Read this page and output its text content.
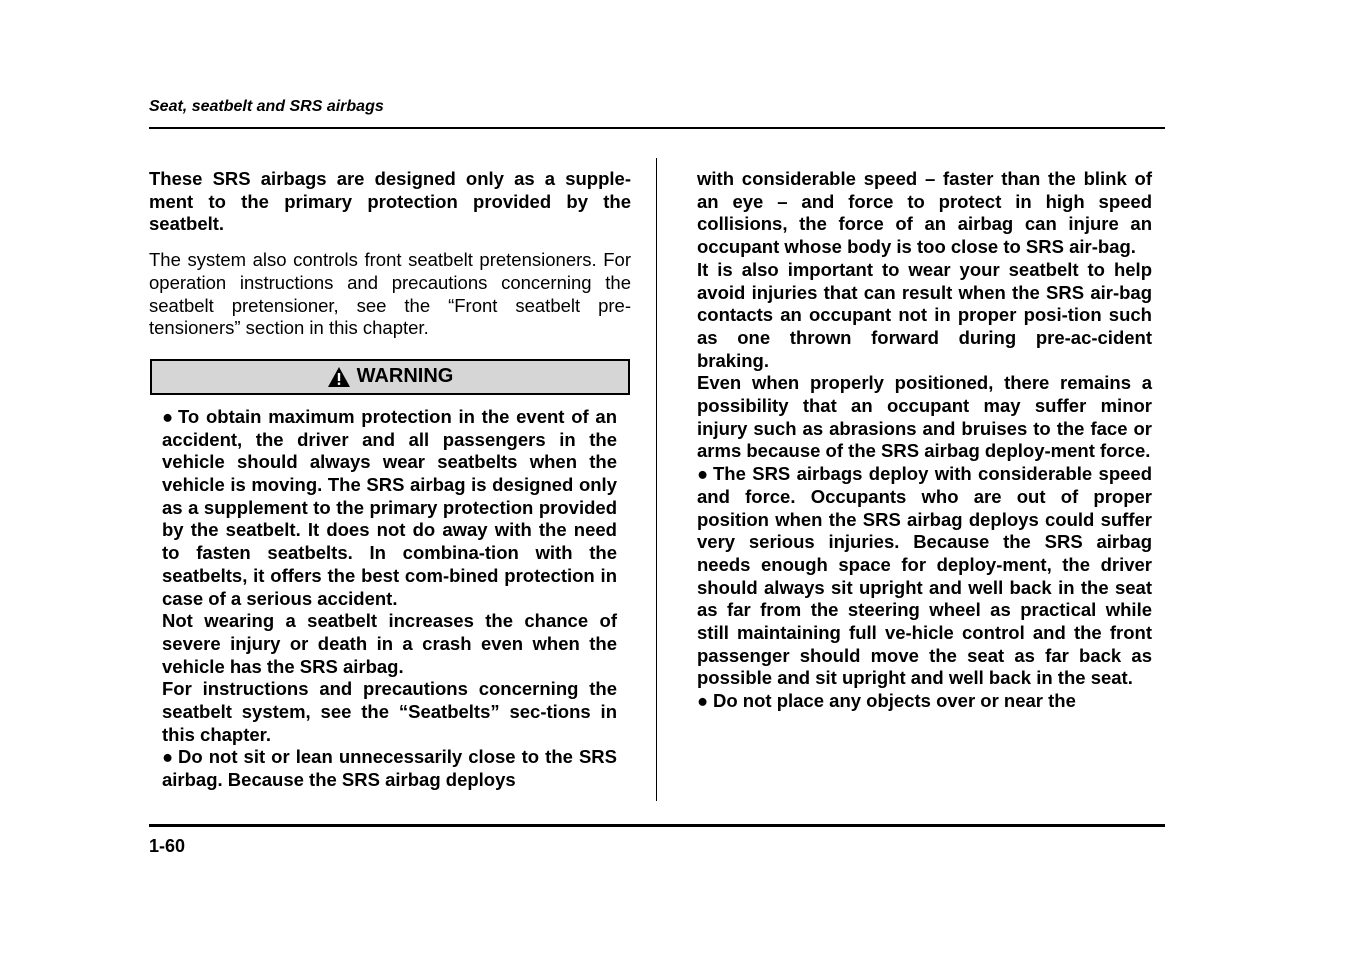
Seat, seatbelt and SRS airbags

These SRS airbags are designed only as a supple-ment to the primary protection provided by the seatbelt.

The system also controls front seatbelt pretensioners. For operation instructions and precautions concerning the seatbelt pretensioner, see the “Front seatbelt pre-tensioners” section in this chapter.

WARNING

● To obtain maximum protection in the event of an accident, the driver and all passengers in the vehicle should always wear seatbelts when the vehicle is moving. The SRS airbag is designed only as a supplement to the primary protection provided by the seatbelt. It does not do away with the need to fasten seatbelts. In combina-tion with the seatbelts, it offers the best com-bined protection in case of a serious accident.

Not wearing a seatbelt increases the chance of severe injury or death in a crash even when the vehicle has the SRS airbag.

For instructions and precautions concerning the seatbelt system, see the “Seatbelts” sec-tions in this chapter.

● Do not sit or lean unnecessarily close to the SRS airbag. Because the SRS airbag deploys

with considerable speed – faster than the blink of an eye – and force to protect in high speed collisions, the force of an airbag can injure an occupant whose body is too close to SRS air-bag.

It is also important to wear your seatbelt to help avoid injuries that can result when the SRS air-bag contacts an occupant not in proper posi-tion such as one thrown forward during pre-ac-cident braking.

Even when properly positioned, there remains a possibility that an occupant may suffer minor injury such as abrasions and bruises to the face or arms because of the SRS airbag deploy-ment force.

● The SRS airbags deploy with considerable speed and force. Occupants who are out of proper position when the SRS airbag deploys could suffer very serious injuries. Because the SRS airbag needs enough space for deploy-ment, the driver should always sit upright and well back in the seat as far from the steering wheel as practical while still maintaining full ve-hicle control and the front passenger should move the seat as far back as possible and sit upright and well back in the seat.

● Do not place any objects over or near the

1-60
